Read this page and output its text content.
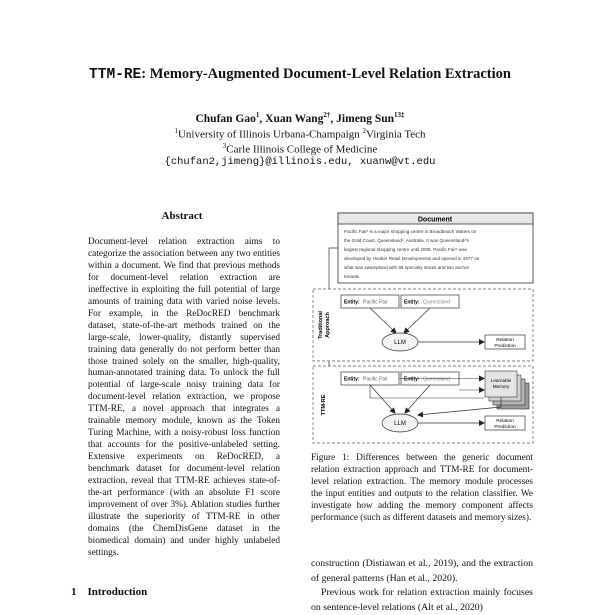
TTM-RE: Memory-Augmented Document-Level Relation Extraction
Chufan Gao$^1$, Xuan Wang$^{2\dagger}$, Jimeng Sun$^{13\ddagger}$
$^1$University of Illinois Urbana-Champaign $^2$Virginia Tech
$^3$Carle Illinois College of Medicine
{chufan2,jimeng}@illinois.edu, xuanw@vt.edu
Abstract
Document-level relation extraction aims to categorize the association between any two entities within a document. We find that previous methods for document-level relation extraction are ineffective in exploiting the full potential of large amounts of training data with varied noise levels. For example, in the ReDocRED benchmark dataset, state-of-the-art methods trained on the large-scale, lower-quality, distantly supervised training data generally do not perform better than those trained solely on the smaller, high-quality, human-annotated training data. To unlock the full potential of large-scale noisy training data for document-level relation extraction, we propose TTM-RE, a novel approach that integrates a trainable memory module, known as the Token Turing Machine, with a noisy-robust loss function that accounts for the positive-unlabeled setting. Extensive experiments on ReDocRED, a benchmark dataset for document-level relation extraction, reveal that TTM-RE achieves state-of-the-art performance (with an absolute F1 score improvement of over 3%). Ablation studies further illustrate the superiority of TTM-RE in other domains (the ChemDisGene dataset in the biomedical domain) and under highly unlabeled settings.
1 Introduction
Document
Pacific Fair¹ is a major shopping centre in Broadbeach Waters on
the Gold Coast, Queensland², Australia. It was Queensland²'s
largest regional shopping centre until 2006. Pacific Fair¹ was
developed by Hooker Retail Developments and opened in 1977 on
what was swampland with 96 specialty stores and two anchor
tenants.
Traditional Approach
Entity: Pacific Fair	Entity: Queensland
LLM	Relation
Prediction
TTM-RE
Entity: Pacific Fair	Entity: Queensland	Learnable
Memory
LLM	Relation
Prediction
Figure 1: Differences between the generic document relation extraction approach and TTM-RE for document-level relation extraction. The memory module processes the input entities and outputs to the relation classifier. We investigate how adding the memory component affects performance (such as different datasets and memory sizes).
construction (Distiawan et al., 2019), and the extraction of general patterns (Han et al., 2020).
Previous work for relation extraction mainly focuses on sentence-level relations (Alt et al., 2020)
